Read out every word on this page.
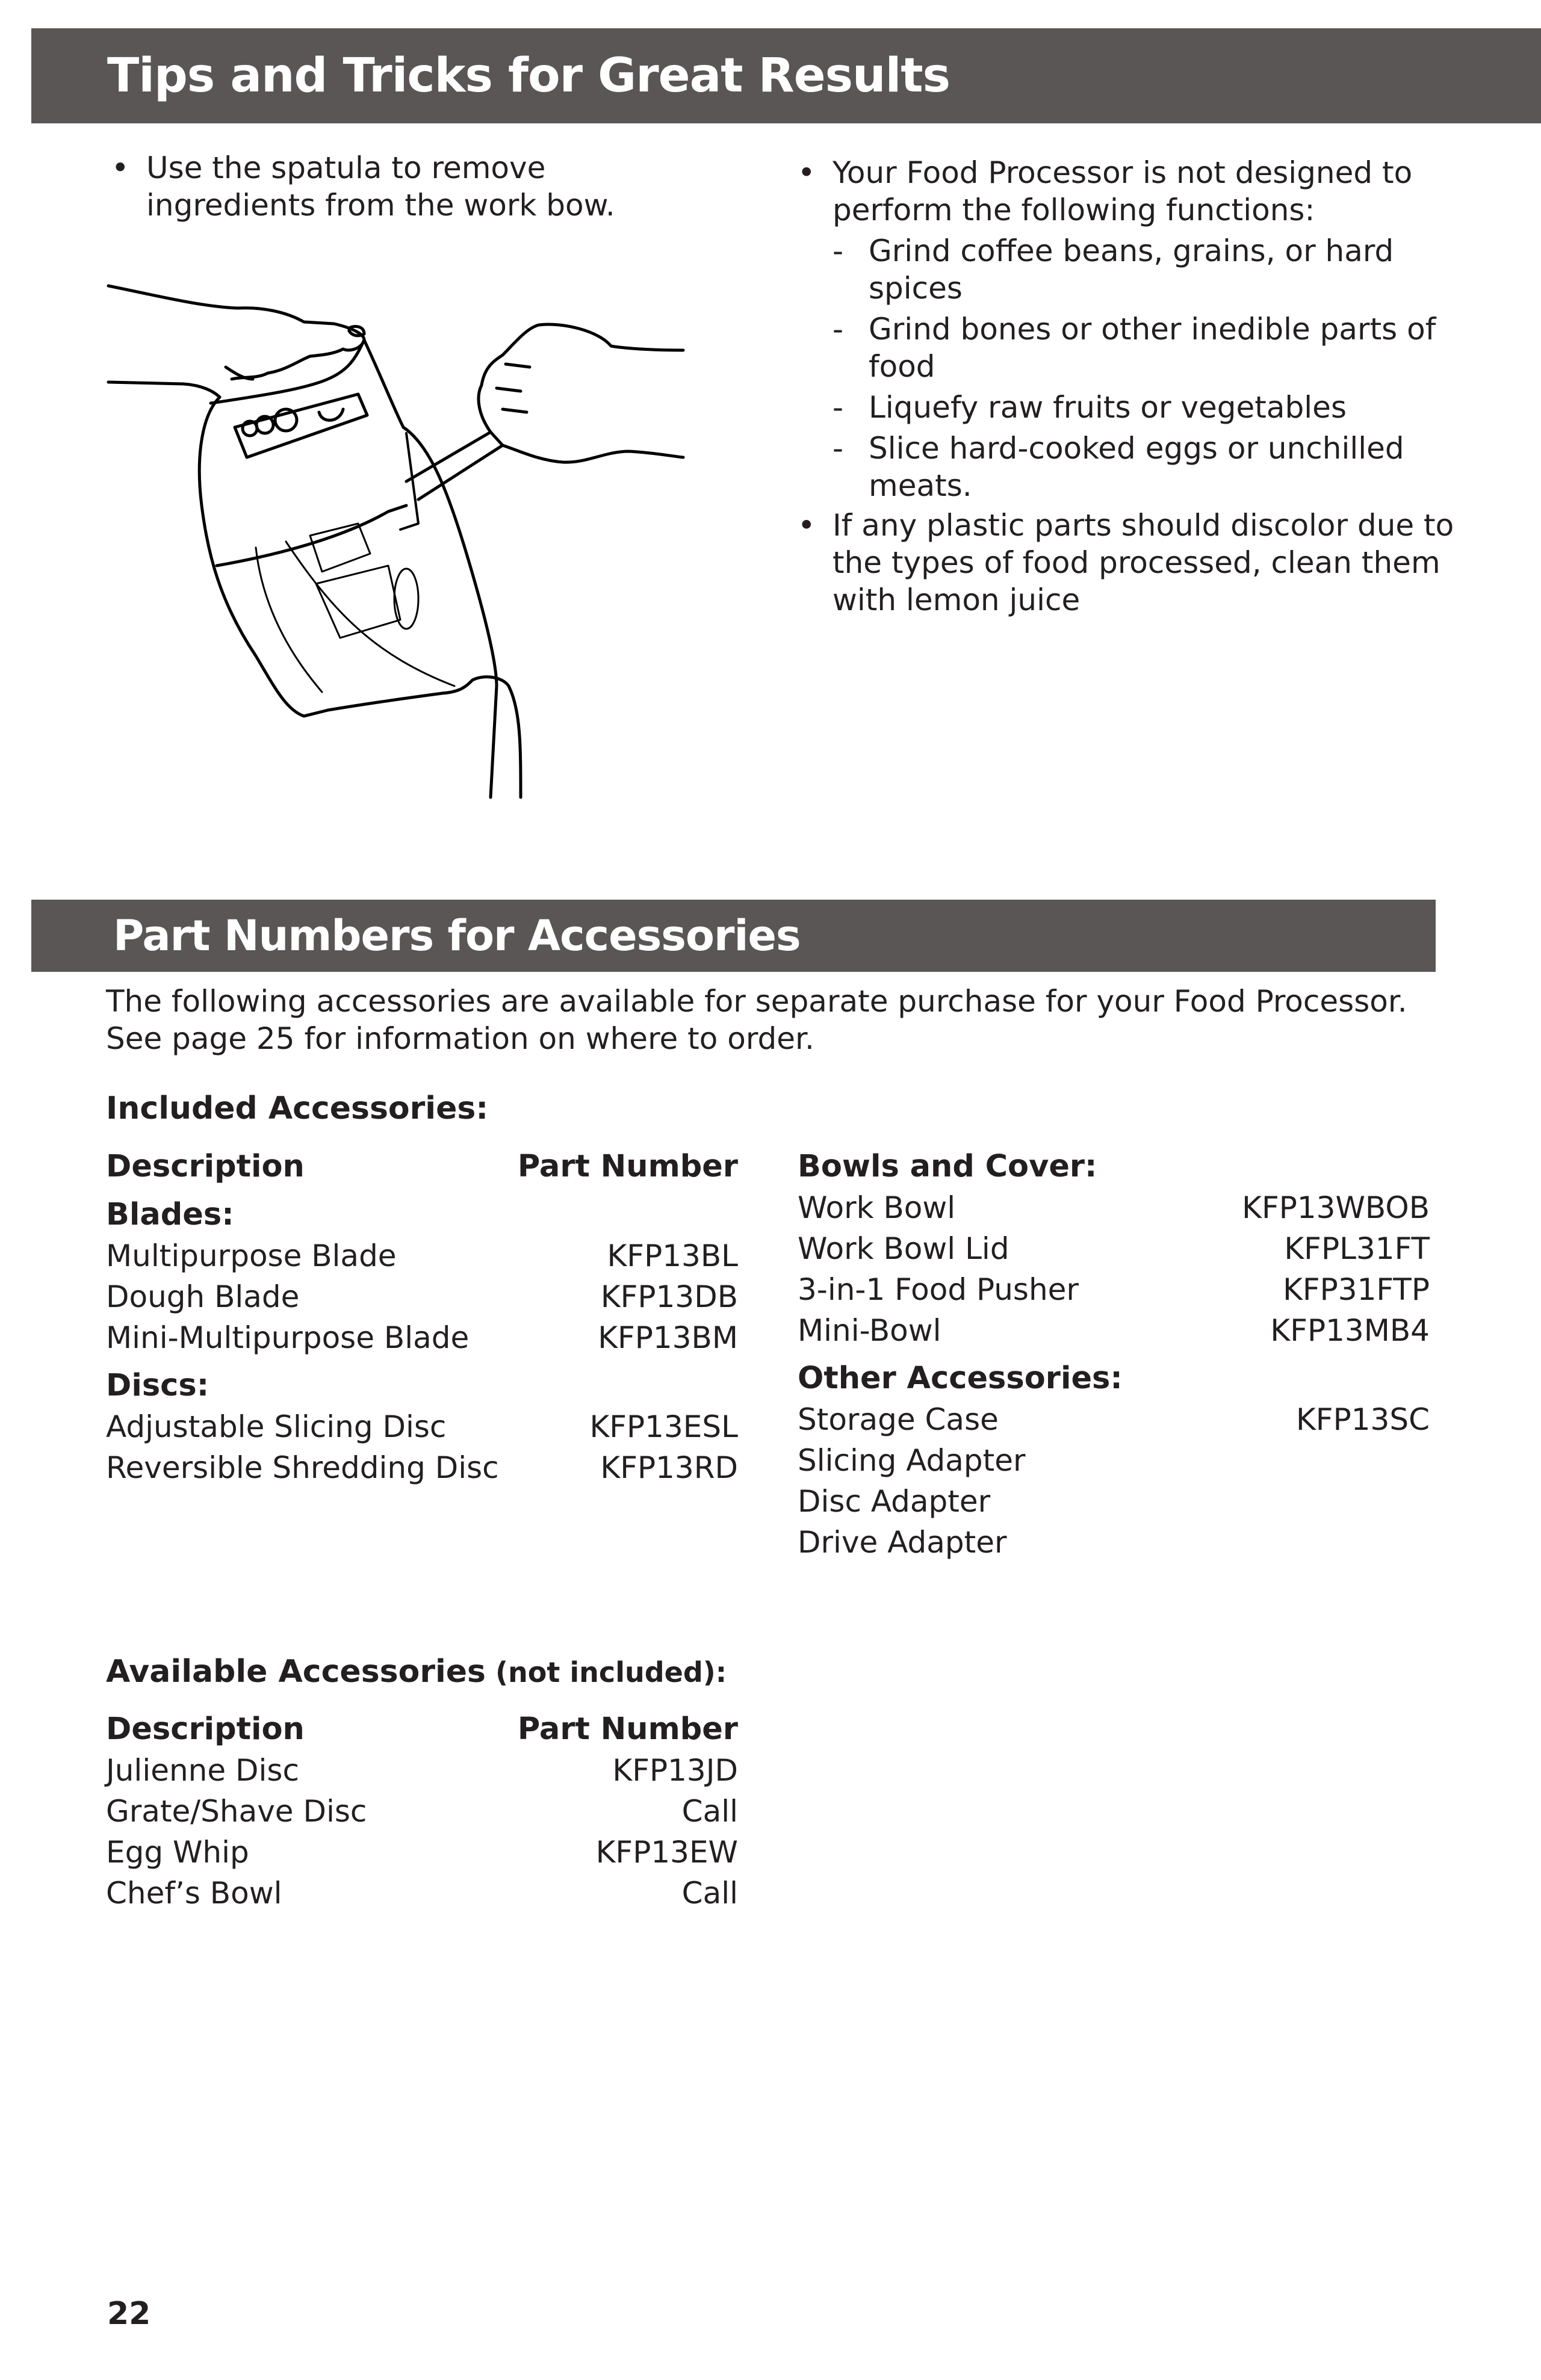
Tips and Tricks for Great Results
• Use the spatula to remove ingredients from the work bow.
• Your Food Processor is not designed to perform the following functions:
- Grind coffee beans, grains, or hard spices
- Grind bones or other inedible parts of food
- Liquefy raw fruits or vegetables
- Slice hard-cooked eggs or unchilled meats.
• If any plastic parts should discolor due to the types of food processed, clean them with lemon juice
Part Numbers for Accessories
The following accessories are available for separate purchase for your Food Processor. See page 25 for information on where to order.
Included Accessories:
Description	Part Number
Blades:
Multipurpose Blade	KFP13BL
Dough Blade	KFP13DB
Mini-Multipurpose Blade	KFP13BM
Discs:
Adjustable Slicing Disc	KFP13ESL
Reversible Shredding Disc	KFP13RD
Bowls and Cover:
Work Bowl	KFP13WBOB
Work Bowl Lid	KFPL31FT
3-in-1 Food Pusher	KFP31FTP
Mini-Bowl	KFP13MB4
Other Accessories:
Storage Case	KFP13SC
Slicing Adapter
Disc Adapter
Drive Adapter
Available Accessories (not included):
Description	Part Number
Julienne Disc	KFP13JD
Grate/Shave Disc	Call
Egg Whip	KFP13EW
Chef’s Bowl	Call
22
